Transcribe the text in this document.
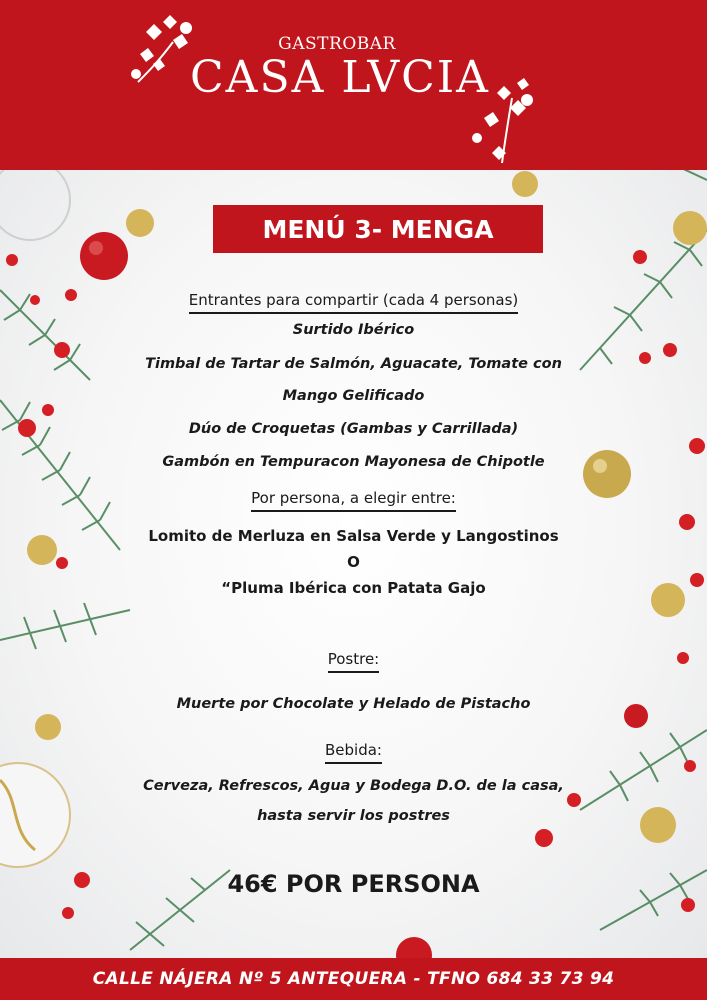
GASTROBAR
CASA LVCIA
MENÚ 3- MENGA
Entrantes para compartir (cada 4 personas)
Surtido Ibérico
Timbal de Tartar de Salmón, Aguacate, Tomate con
Mango Gelificado
Dúo de Croquetas (Gambas y Carrillada)
Gambón en Tempuracon Mayonesa de Chipotle
Por persona, a elegir entre:
Lomito de Merluza en Salsa Verde y Langostinos
O
“Pluma Ibérica con Patata Gajo
Postre:
Muerte por Chocolate y Helado de Pistacho
Bebida:
Cerveza, Refrescos, Agua y Bodega D.O. de la casa,
hasta servir los postres
46€ POR PERSONA
CALLE NÁJERA Nº 5 ANTEQUERA - TFNO 684 33 73 94
